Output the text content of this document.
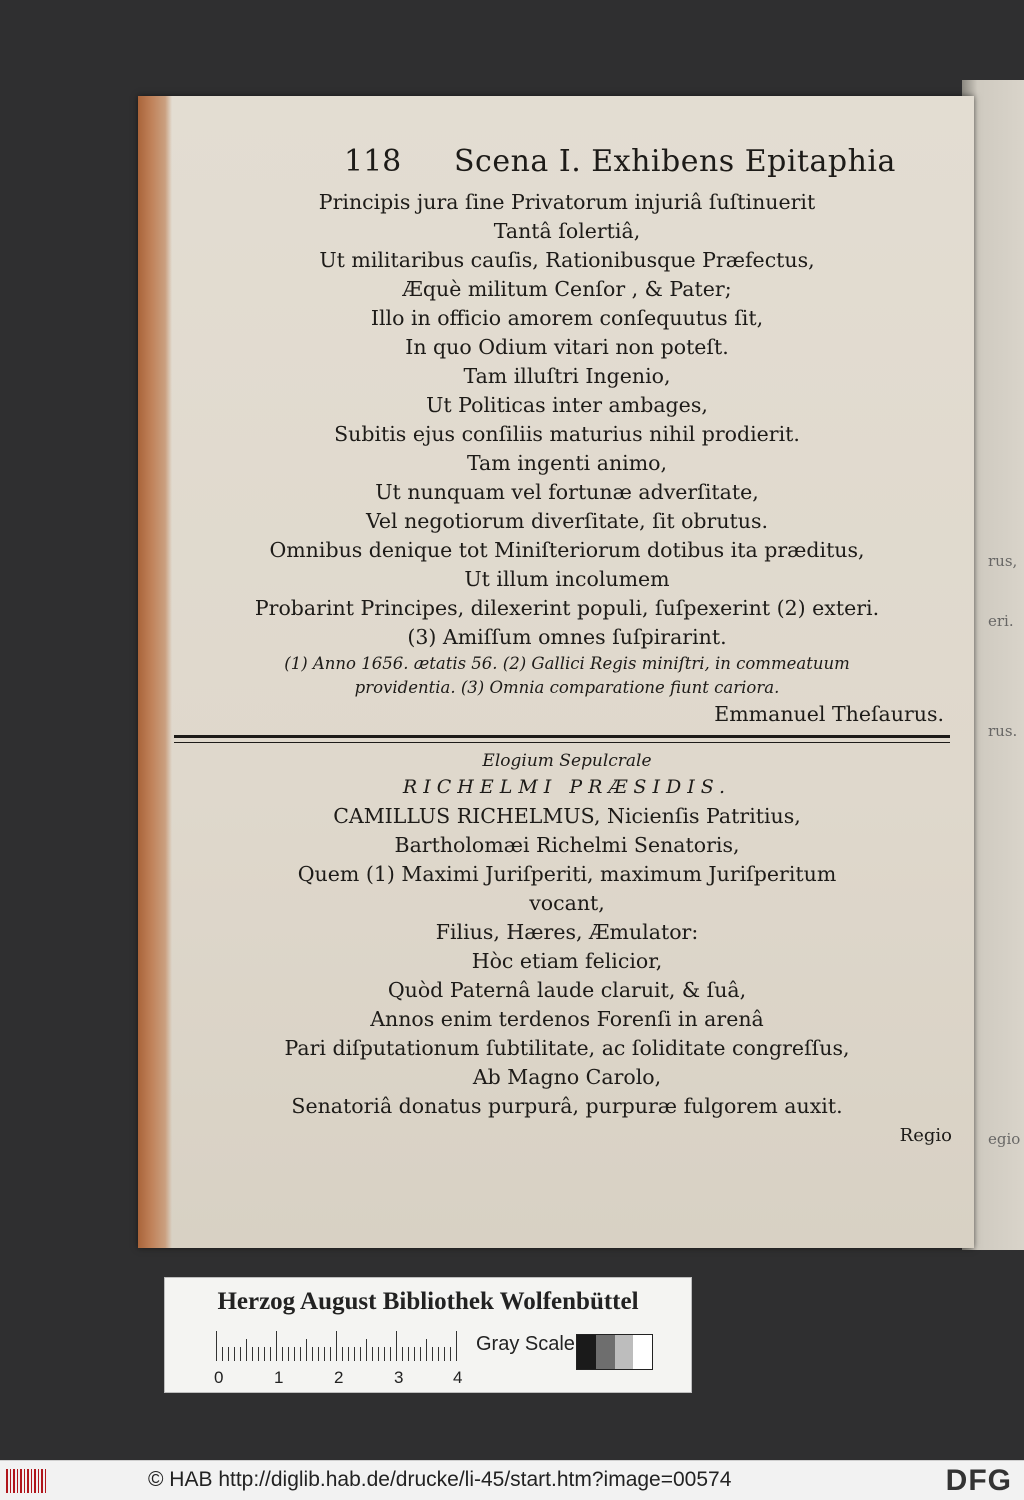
rus,
eri.
rus.
egio
118 Scena I. Exhibens Epitaphia
Principis jura ſine Privatorum injuriâ ſuſtinuerit
Tantâ ſolertiâ,
Ut militaribus cauſis, Rationibusque Præfectus,
Æquè militum Cenſor , & Pater;
Illo in officio amorem conſequutus ſit,
In quo Odium vitari non poteſt.
Tam illuſtri Ingenio,
Ut Politicas inter ambages,
Subitis ejus conſiliis maturius nihil prodierit.
Tam ingenti animo,
Ut nunquam vel fortunæ adverſitate,
Vel negotiorum diverſitate, ſit obrutus.
Omnibus denique tot Miniſteriorum dotibus ita præditus,
Ut illum incolumem
Probarint Principes, dilexerint populi, ſuſpexerint (2) exteri.
(3) Amiſſum omnes ſuſpirarint.
(1) Anno 1656. ætatis 56. (2) Gallici Regis miniſtri, in commeatuum
providentia. (3) Omnia comparatione fiunt cariora.
Emmanuel Theſaurus.
Elogium Sepulcrale
RICHELMI PRÆSIDIS.
CAMILLUS RICHELMUS, Nicienſis Patritius,
Bartholomæi Richelmi Senatoris,
Quem (1) Maximi Juriſperiti, maximum Juriſperitum
vocant,
Filius, Hæres, Æmulator:
Hòc etiam felicior,
Quòd Paternâ laude claruit, & ſuâ,
Annos enim terdenos Forenſi in arenâ
Pari diſputationum ſubtilitate, ac ſoliditate congreſſus,
Ab Magno Carolo,
Senatoriâ donatus purpurâ, purpuræ fulgorem auxit.
Regio
Herzog August Bibliothek Wolfenbüttel
0	1	2	3	4
Gray Scale
© HAB http://diglib.hab.de/drucke/li-45/start.htm?image=00574	DFG
